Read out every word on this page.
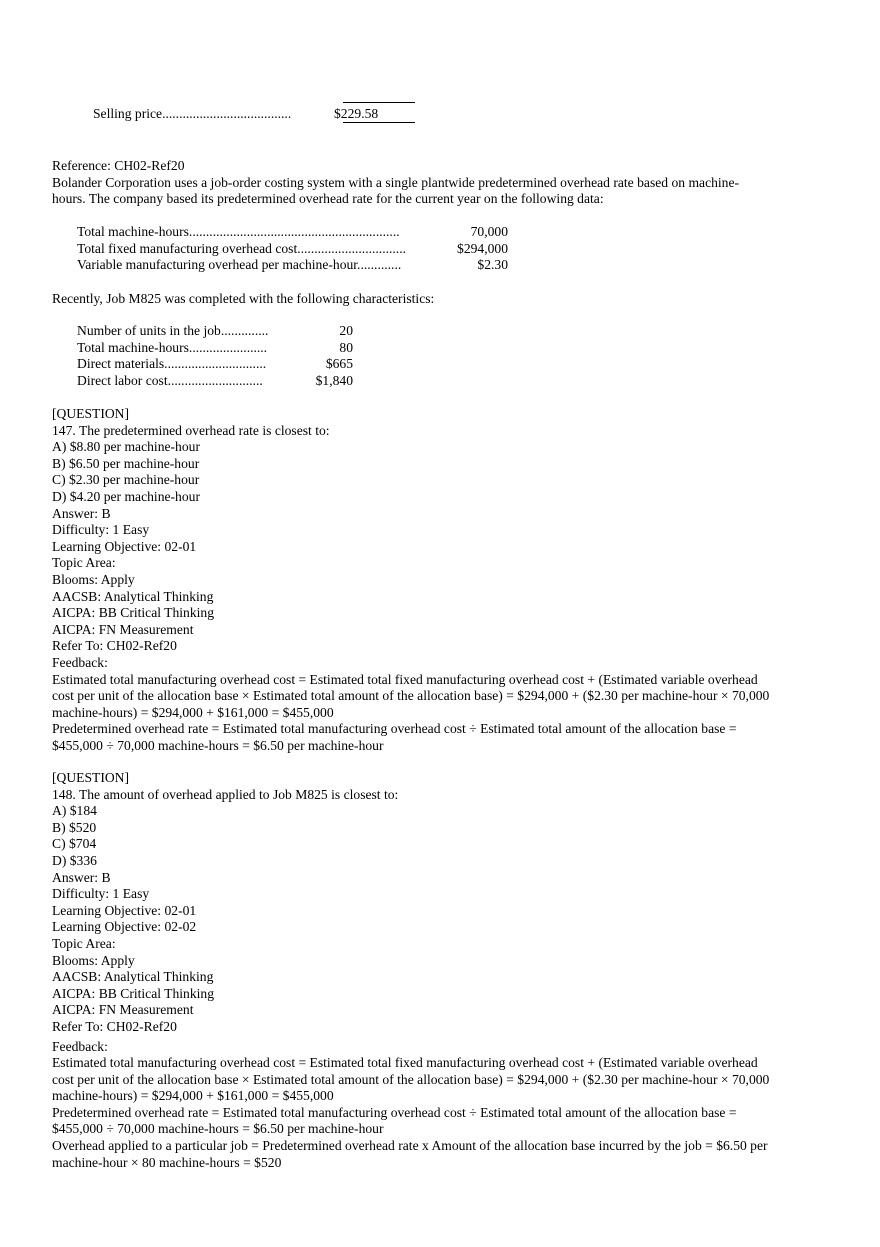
Selling price......................................	$229.58
Reference: CH02-Ref20
Bolander Corporation uses a job-order costing system with a single plantwide predetermined overhead rate based on machine-hours. The company based its predetermined overhead rate for the current year on the following data:
Total machine-hours..............................................................	70,000
Total fixed manufacturing overhead cost................................	$294,000
Variable manufacturing overhead per machine-hour.............	$2.30
Recently, Job M825 was completed with the following characteristics:
Number of units in the job..............	20
Total machine-hours.......................	80
Direct materials..............................	$665
Direct labor cost............................	$1,840
[QUESTION]
147. The predetermined overhead rate is closest to:
A) $8.80 per machine-hour
B) $6.50 per machine-hour
C) $2.30 per machine-hour
D) $4.20 per machine-hour
Answer: B
Difficulty: 1 Easy
Learning Objective: 02-01
Topic Area:
Blooms: Apply
AACSB: Analytical Thinking
AICPA: BB Critical Thinking
AICPA: FN Measurement
Refer To: CH02-Ref20
Feedback:
Estimated total manufacturing overhead cost = Estimated total fixed manufacturing overhead cost + (Estimated variable overhead cost per unit of the allocation base × Estimated total amount of the allocation base) = $294,000 + ($2.30 per machine-hour × 70,000 machine-hours) = $294,000 + $161,000 = $455,000
Predetermined overhead rate = Estimated total manufacturing overhead cost ÷ Estimated total amount of the allocation base = $455,000 ÷ 70,000 machine-hours = $6.50 per machine-hour
[QUESTION]
148. The amount of overhead applied to Job M825 is closest to:
A) $184
B) $520
C) $704
D) $336
Answer: B
Difficulty: 1 Easy
Learning Objective: 02-01
Learning Objective: 02-02
Topic Area:
Blooms: Apply
AACSB: Analytical Thinking
AICPA: BB Critical Thinking
AICPA: FN Measurement
Refer To: CH02-Ref20
Feedback:
Estimated total manufacturing overhead cost = Estimated total fixed manufacturing overhead cost + (Estimated variable overhead cost per unit of the allocation base × Estimated total amount of the allocation base) = $294,000 + ($2.30 per machine-hour × 70,000 machine-hours) = $294,000 + $161,000 = $455,000
Predetermined overhead rate = Estimated total manufacturing overhead cost ÷ Estimated total amount of the allocation base = $455,000 ÷ 70,000 machine-hours = $6.50 per machine-hour
Overhead applied to a particular job = Predetermined overhead rate x Amount of the allocation base incurred by the job = $6.50 per machine-hour × 80 machine-hours = $520
